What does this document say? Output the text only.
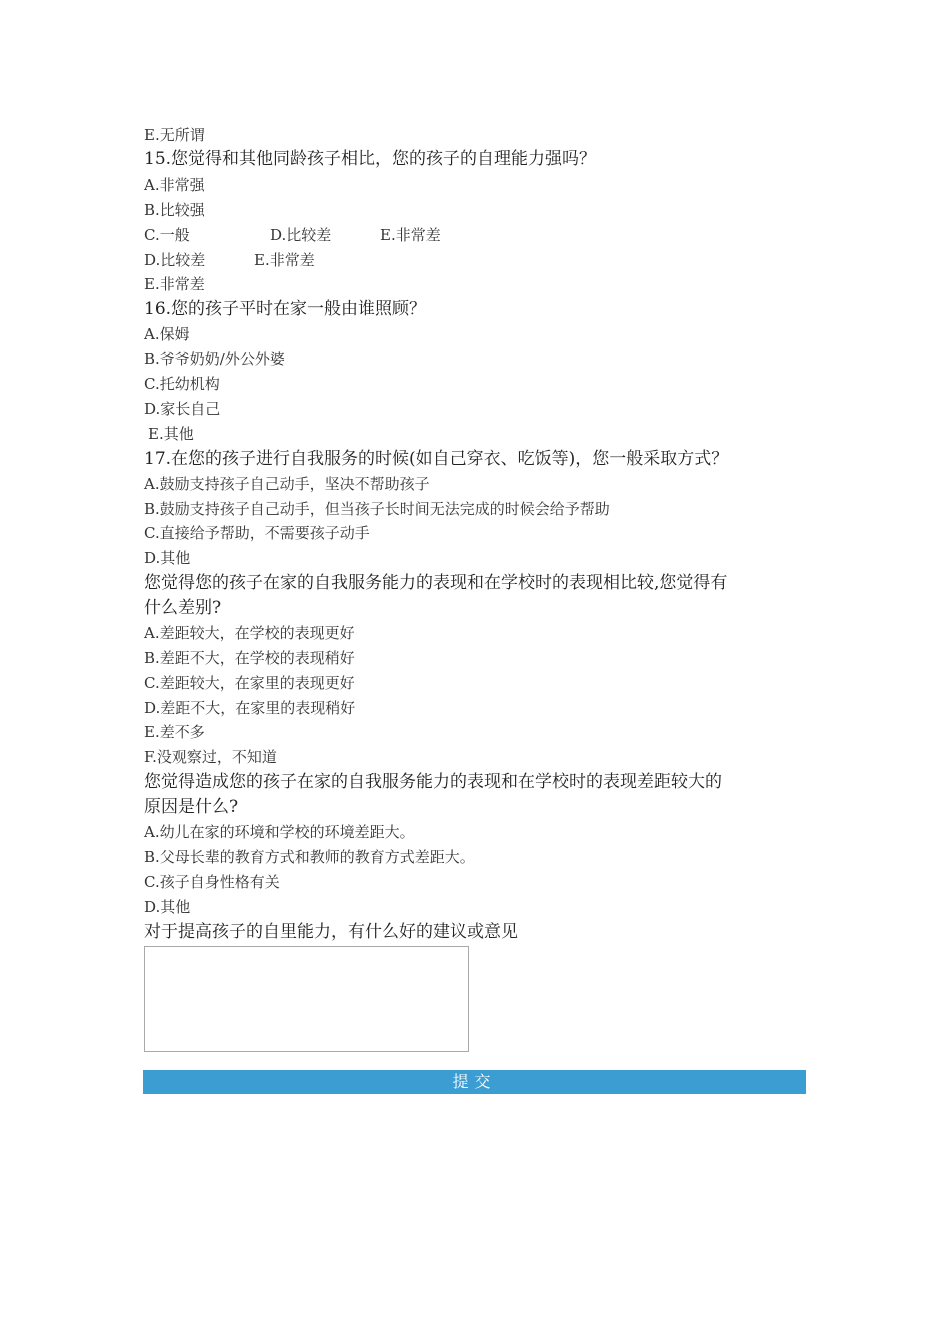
E.无所谓
15.您觉得和其他同龄孩子相比，您的孩子的自理能力强吗？
A.非常强
B.比较强
C.一般	D.比较差	E.非常差
D.比较差	E.非常差
E.非常差
16.您的孩子平时在家一般由谁照顾？
A.保姆
B.爷爷奶奶/外公外婆
C.托幼机构
D.家长自己
E.其他
17.在您的孩子进行自我服务的时候(如自己穿衣、吃饭等)，您一般采取方式？
A.鼓励支持孩子自己动手，坚决不帮助孩子
B.鼓励支持孩子自己动手，但当孩子长时间无法完成的时候会给予帮助
C.直接给予帮助，不需要孩子动手
D.其他
您觉得您的孩子在家的自我服务能力的表现和在学校时的表现相比较,您觉得有
什么差别?
A.差距较大，在学校的表现更好
B.差距不大，在学校的表现稍好
C.差距较大，在家里的表现更好
D.差距不大，在家里的表现稍好
E.差不多
F.没观察过，不知道
您觉得造成您的孩子在家的自我服务能力的表现和在学校时的表现差距较大的
原因是什么?
A.幼儿在家的环境和学校的环境差距大。
B.父母长辈的教育方式和教师的教育方式差距大。
C.孩子自身性格有关
D.其他
对于提高孩子的自里能力，有什么好的建议或意见
提交
